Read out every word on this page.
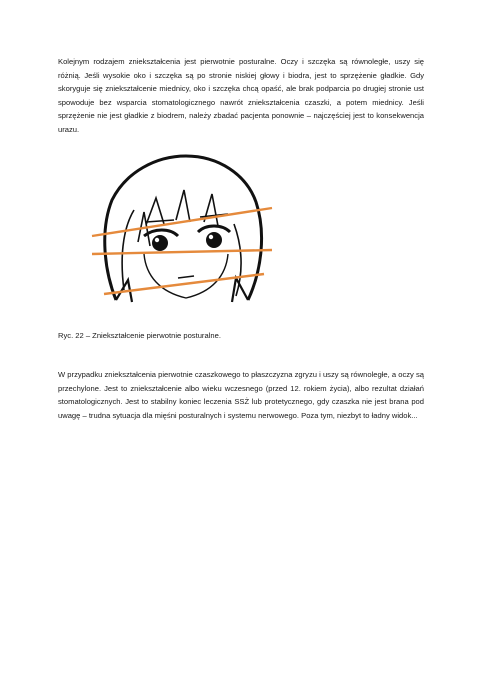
Kolejnym rodzajem zniekształcenia jest pierwotnie posturalne. Oczy i szczęka są równoległe, uszy się różnią. Jeśli wysokie oko i szczęka są po stronie niskiej głowy i biodra, jest to sprzężenie gładkie. Gdy skoryguje się zniekształcenie miednicy, oko i szczęka chcą opaść, ale brak podparcia po drugiej stronie ust spowoduje bez wsparcia stomatologicznego nawrót zniekształcenia czaszki, a potem miednicy. Jeśli sprzężenie nie jest gładkie z biodrem, należy zbadać pacjenta ponownie – najczęściej jest to konsekwencja urazu.

Ryc. 22 – Zniekształcenie pierwotnie posturalne.

W przypadku zniekształcenia pierwotnie czaszkowego to płaszczyzna zgryzu i uszy są równoległe, a oczy są przechylone. Jest to zniekształcenie albo wieku wczesnego (przed 12. rokiem życia), albo rezultat działań stomatologicznych. Jest to stabilny koniec leczenia SSŻ lub protetycznego, gdy czaszka nie jest brana pod uwagę – trudna sytuacja dla mięśni posturalnych i systemu nerwowego. Poza tym, niezbyt to ładny widok...
